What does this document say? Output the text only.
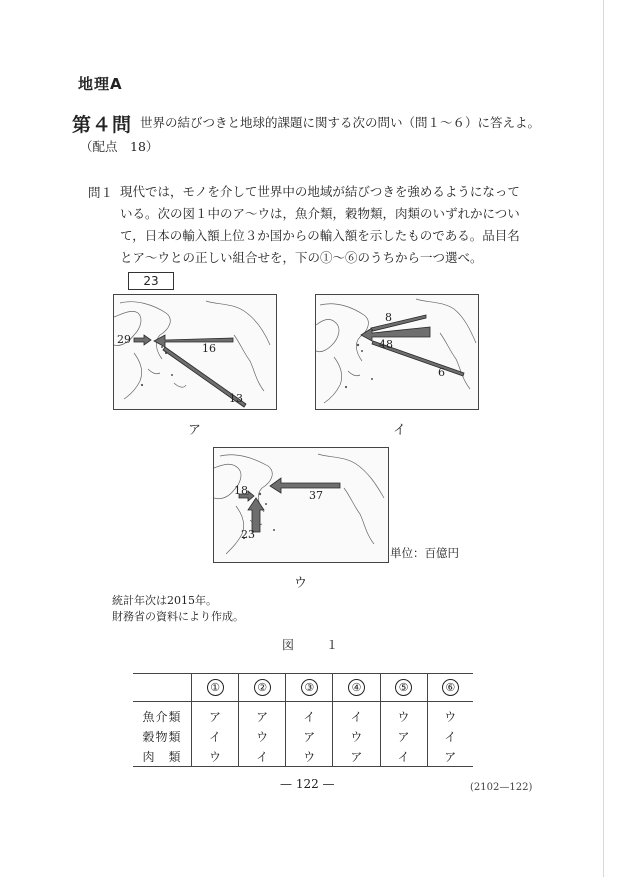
地理A
第４問 世界の結びつきと地球的課題に関する次の問い（問１～６）に答えよ。
（配点　18）
問１ 現代では，モノを介して世界中の地域が結びつきを強めるようになっている。次の図１中のア～ウは，魚介類，穀物類，肉類のいずれかについて，日本の輸入額上位３か国からの輸入額を示したものである。品目名とア～ウとの正しい組合せを，下の①～⑥のうちから一つ選べ。23
29
16
13
ア
8
48
6
イ
18	37
23
ウ
単位：百億円
統計年次は2015年。
財務省の資料により作成。
図　１
	①	②	③	④	⑤	⑥
魚介類	ア	ア	イ	イ	ウ	ウ
穀物類	イ	ウ	ア	ウ	ア	イ
肉　類	ウ	イ	ウ	ア	イ	ア
— 122 —	(2102—122)
